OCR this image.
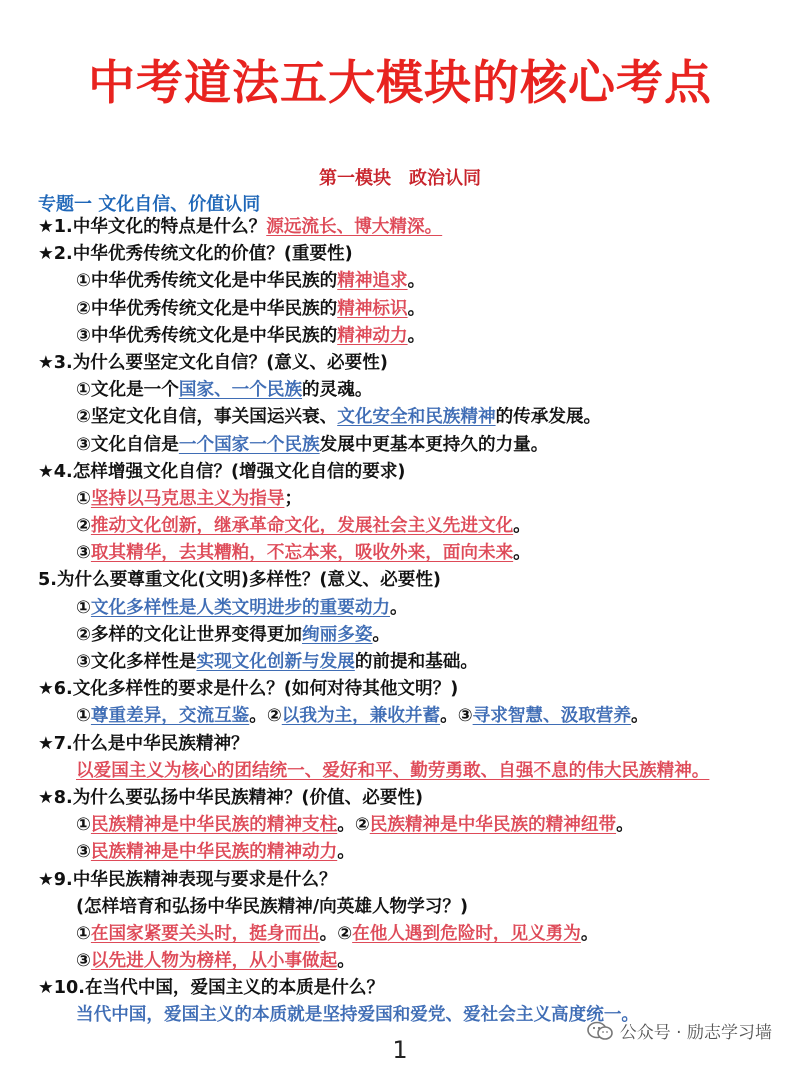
中考道法五大模块的核心考点
第一模块　政治认同
专题一 文化自信、价值认同
★1.中华文化的特点是什么？源远流长、博大精深。
★2.中华优秀传统文化的价值？(重要性)
①中华优秀传统文化是中华民族的精神追求。
②中华优秀传统文化是中华民族的精神标识。
③中华优秀传统文化是中华民族的精神动力。
★3.为什么要坚定文化自信？(意义、必要性)
①文化是一个国家、一个民族的灵魂。
②坚定文化自信，事关国运兴衰、文化安全和民族精神的传承发展。
③文化自信是一个国家一个民族发展中更基本更持久的力量。
★4.怎样增强文化自信？(增强文化自信的要求)
①坚持以马克思主义为指导；
②推动文化创新，继承革命文化，发展社会主义先进文化。
③取其精华，去其糟粕，不忘本来，吸收外来，面向未来。
5.为什么要尊重文化(文明)多样性？(意义、必要性)
①文化多样性是人类文明进步的重要动力。
②多样的文化让世界变得更加绚丽多姿。
③文化多样性是实现文化创新与发展的前提和基础。
★6.文化多样性的要求是什么？(如何对待其他文明？)
①尊重差异，交流互鉴。②以我为主，兼收并蓄。③寻求智慧、汲取营养。
★7.什么是中华民族精神？
以爱国主义为核心的团结统一、爱好和平、勤劳勇敢、自强不息的伟大民族精神。
★8.为什么要弘扬中华民族精神？(价值、必要性)
①民族精神是中华民族的精神支柱。②民族精神是中华民族的精神纽带。
③民族精神是中华民族的精神动力。
★9.中华民族精神表现与要求是什么？
(怎样培育和弘扬中华民族精神/向英雄人物学习？)
①在国家紧要关头时，挺身而出。②在他人遇到危险时，见义勇为。
③以先进人物为榜样，从小事做起。
★10.在当代中国，爱国主义的本质是什么？
当代中国，爱国主义的本质就是坚持爱国和爱党、爱社会主义高度统一。
公众号 · 励志学习墙
1
